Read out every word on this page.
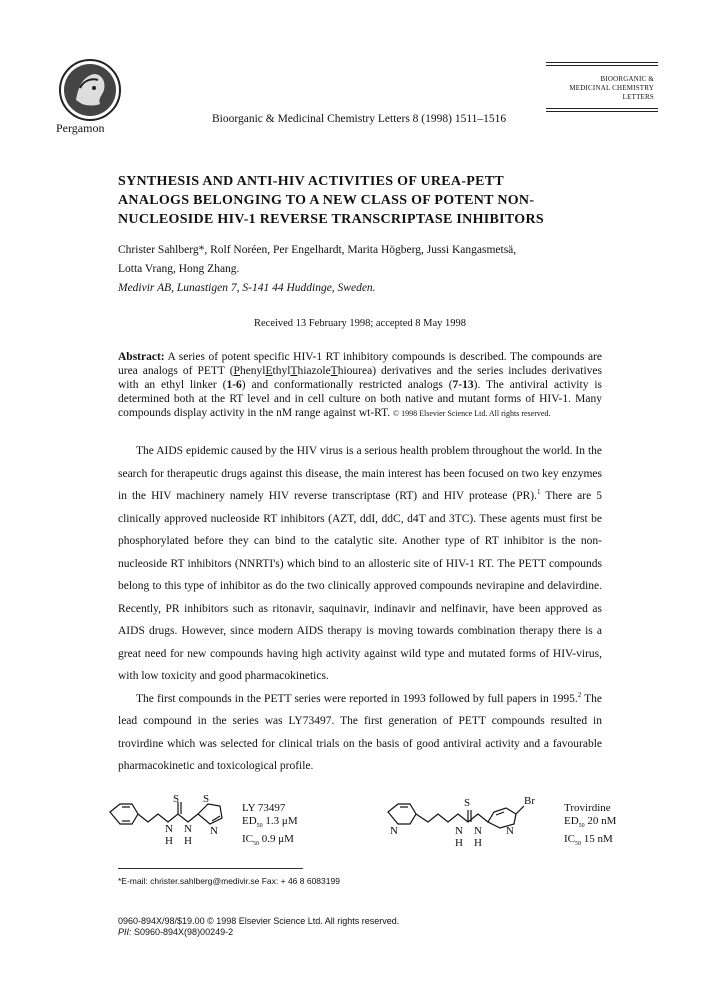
Pergamon
Bioorganic & Medicinal Chemistry Letters 8 (1998) 1511–1516
BIOORGANIC &
MEDICINAL CHEMISTRY
LETTERS
SYNTHESIS AND ANTI-HIV ACTIVITIES OF UREA-PETT
ANALOGS BELONGING TO A NEW CLASS OF POTENT NON-
NUCLEOSIDE HIV-1 REVERSE TRANSCRIPTASE INHIBITORS
Christer Sahlberg*, Rolf Noréen, Per Engelhardt, Marita Högberg, Jussi Kangasmetsä,
Lotta Vrang, Hong Zhang.
Medivir AB, Lunastigen 7, S-141 44 Huddinge, Sweden.
Received 13 February 1998; accepted 8 May 1998
Abstract: A series of potent specific HIV-1 RT inhibitory compounds is described. The compounds are urea analogs of PETT (PhenylEthylThiazoleThiourea) derivatives and the series includes derivatives with an ethyl linker (1-6) and conformationally restricted analogs (7-13). The antiviral activity is determined both at the RT level and in cell culture on both native and mutant forms of HIV-1. Many compounds display activity in the nM range against wt-RT. © 1998 Elsevier Science Ltd. All rights reserved.

The AIDS epidemic caused by the HIV virus is a serious health problem throughout the world. In the search for therapeutic drugs against this disease, the main interest has been focused on two key enzymes in the HIV machinery namely HIV reverse transcriptase (RT) and HIV protease (PR).$^1$ There are 5 clinically approved nucleoside RT inhibitors (AZT, ddI, ddC, d4T and 3TC). These agents must first be phosphorylated before they can bind to the catalytic site. Another type of RT inhibitor is the non-nucleoside RT inhibitors (NNRTI's) which bind to an allosteric site of HIV-1 RT. The PETT compounds belong to this type of inhibitor as do the two clinically approved compounds nevirapine and delavirdine. Recently, PR inhibitors such as ritonavir, saquinavir, indinavir and nelfinavir, have been approved as AIDS drugs. However, since modern AIDS therapy is moving towards combination therapy there is a great need for new compounds having high activity against wild type and mutated forms of HIV-virus, with low toxicity and good pharmacokinetics.

The first compounds in the PETT series were reported in 1993 followed by full papers in 1995.$^2$ The lead compound in the series was LY73497. The first generation of PETT compounds resulted in trovirdine which was selected for clinical trials on the basis of good antiviral activity and a favourable pharmacokinetic and toxicological profile.

S S
N N N
H H
N
S
N N
H H
N
Br
LY 73497
$ED_{50}$ 1.3 μM
$IC_{50}$ 0.9 μM
Trovirdine
$ED_{50}$ 20 nM
$IC_{50}$ 15 nM
*E-mail: christer.sahlberg@medivir.se Fax: + 46 8 6083199
0960-894X/98/$19.00 © 1998 Elsevier Science Ltd. All rights reserved.
PII: S0960-894X(98)00249-2
